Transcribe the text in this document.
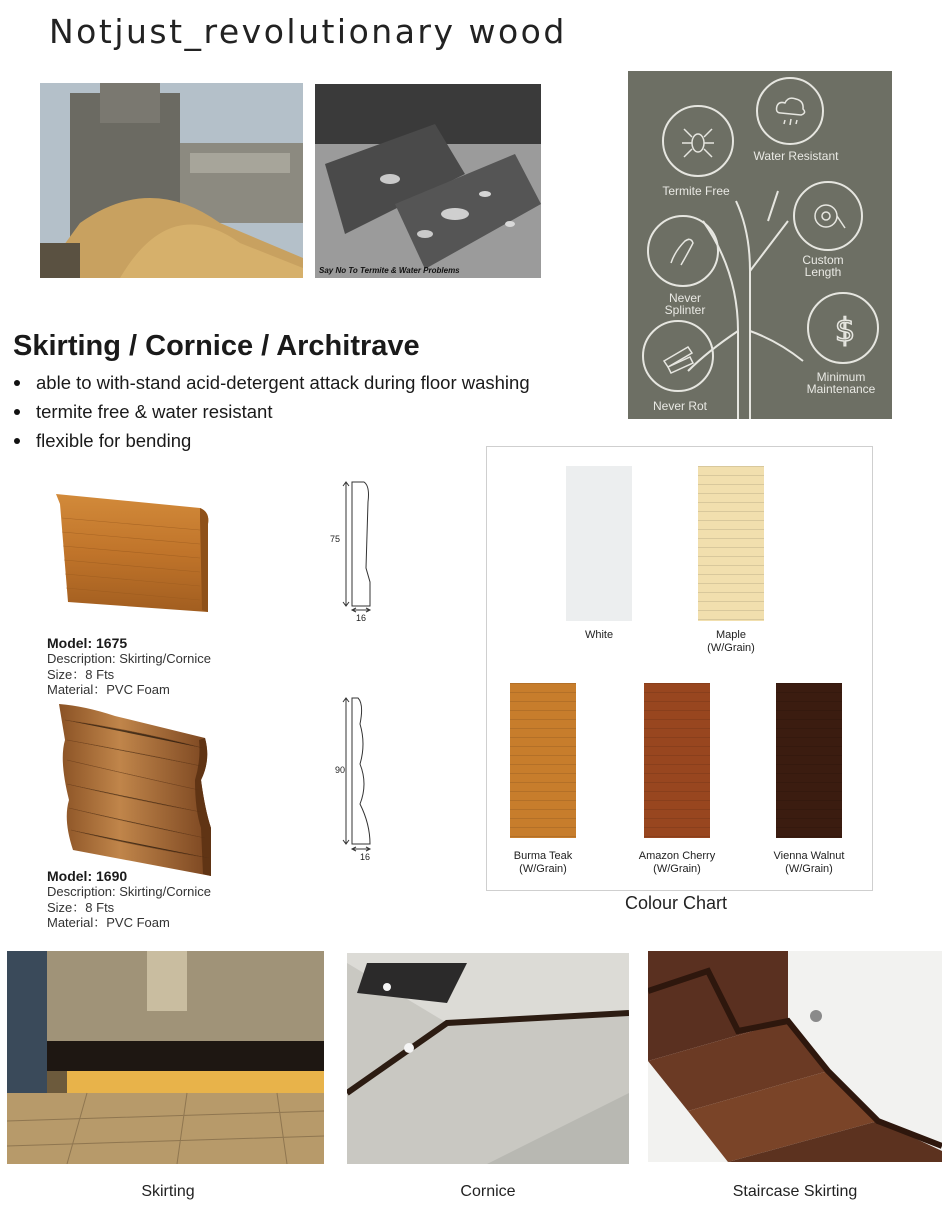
Notjust_revolutionary wood
Say No To Termite & Water Problems
$
Termite Free
Water Resistant
Custom Length
Never Splinter
Minimum Maintenance
Never Rot
Skirting / Cornice / Architrave
able to with-stand acid-detergent attack during floor washing
termite free & water resistant
flexible for bending
75
16
Model: 1675
Description: Skirting/Cornice
Size：8 Fts
Material：PVC Foam
90
16
Model: 1690
Description: Skirting/Cornice
Size：8 Fts
Material：PVC Foam
White	Maple
(W/Grain)
Burma Teak
(W/Grain)
Amazon Cherry
(W/Grain)
Vienna Walnut
(W/Grain)
Colour Chart
Skirting	Cornice	Staircase Skirting
